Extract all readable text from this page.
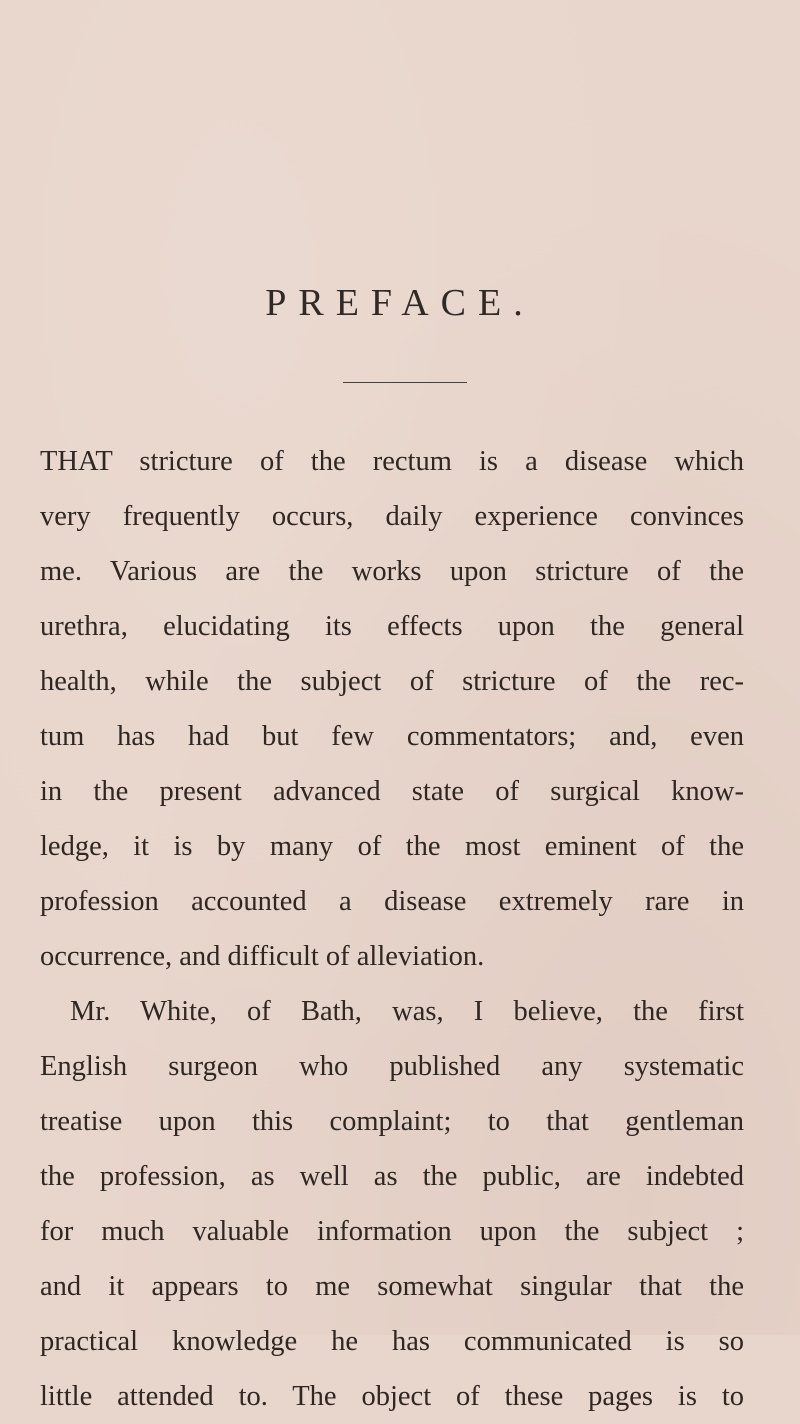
PREFACE.
THAT stricture of the rectum is a disease which
very frequently occurs, daily experience convinces
me. Various are the works upon stricture of the
urethra, elucidating its effects upon the general
health, while the subject of stricture of the rec-
tum has had but few commentators; and, even
in the present advanced state of surgical know-
ledge, it is by many of the most eminent of the
profession accounted a disease extremely rare in
occurrence, and difficult of alleviation.
Mr. White, of Bath, was, I believe, the first
English surgeon who published any systematic
treatise upon this complaint; to that gentleman
the profession, as well as the public, are indebted
for much valuable information upon the subject ;
and it appears to me somewhat singular that the
practical knowledge he has communicated is so
little attended to. The object of these pages is to
